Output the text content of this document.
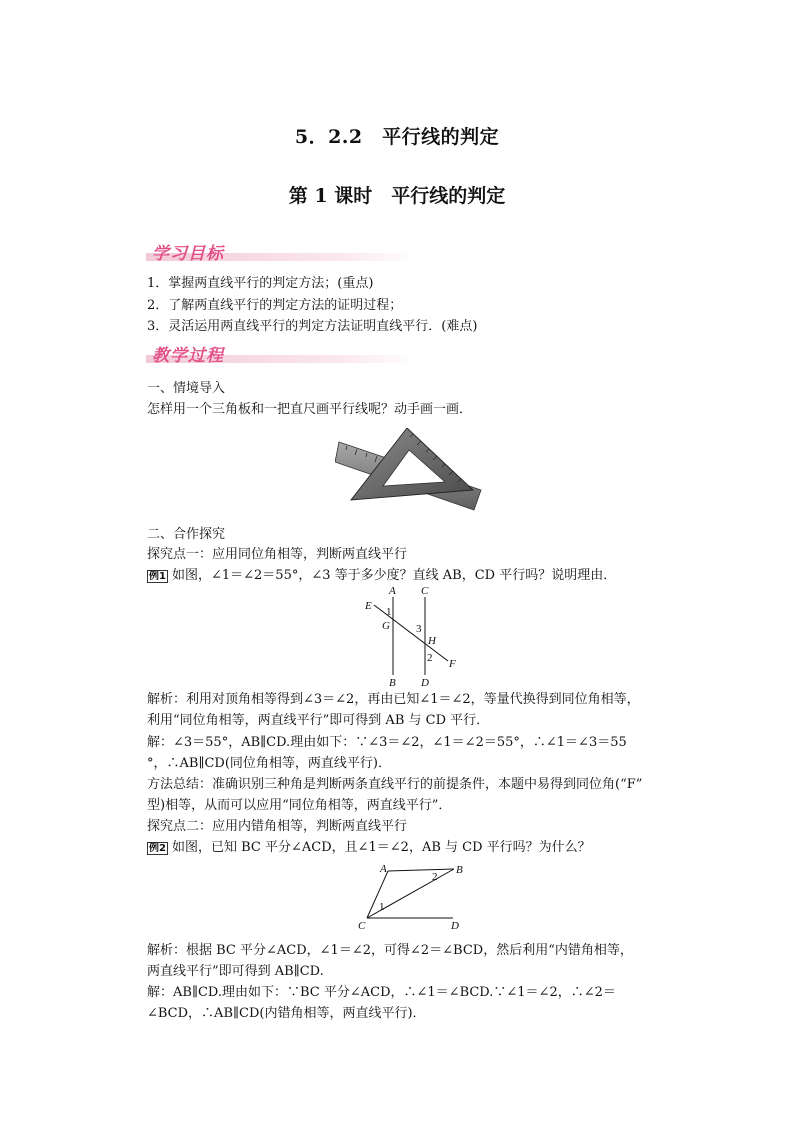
5．2.2　平行线的判定
第 1 课时　平行线的判定
学习目标
1．掌握两直线平行的判定方法；(重点)
2．了解两直线平行的判定方法的证明过程；
3．灵活运用两直线平行的判定方法证明直线平行．(难点)
教学过程
一、情境导入
怎样用一个三角板和一把直尺画平行线呢？动手画一画．
二、合作探究
探究点一：应用同位角相等，判断两直线平行
例1 如图，∠1＝∠2＝55°，∠3 等于多少度？直线 AB，CD 平行吗？说明理由．
A
B
C
D
E
F
G
H
1
2
3
解析：利用对顶角相等得到∠3＝∠2，再由已知∠1＝∠2，等量代换得到同位角相等，
利用“同位角相等，两直线平行”即可得到 AB 与 CD 平行．
解：∠3＝55°，AB∥CD.理由如下：∵∠3＝∠2，∠1＝∠2＝55°，∴∠1＝∠3＝55
°，∴AB∥CD(同位角相等，两直线平行)．
方法总结：准确识别三种角是判断两条直线平行的前提条件，本题中易得到同位角(“F”
型)相等，从而可以应用“同位角相等，两直线平行”．
探究点二：应用内错角相等，判断两直线平行
例2 如图，已知 BC 平分∠ACD，且∠1＝∠2，AB 与 CD 平行吗？为什么？
A	B
C	D
1
2
解析：根据 BC 平分∠ACD，∠1＝∠2，可得∠2＝∠BCD，然后利用“内错角相等，
两直线平行”即可得到 AB∥CD.
解：AB∥CD.理由如下：∵BC 平分∠ACD，∴∠1＝∠BCD.∵∠1＝∠2，∴∠2＝
∠BCD，∴AB∥CD(内错角相等，两直线平行)．
